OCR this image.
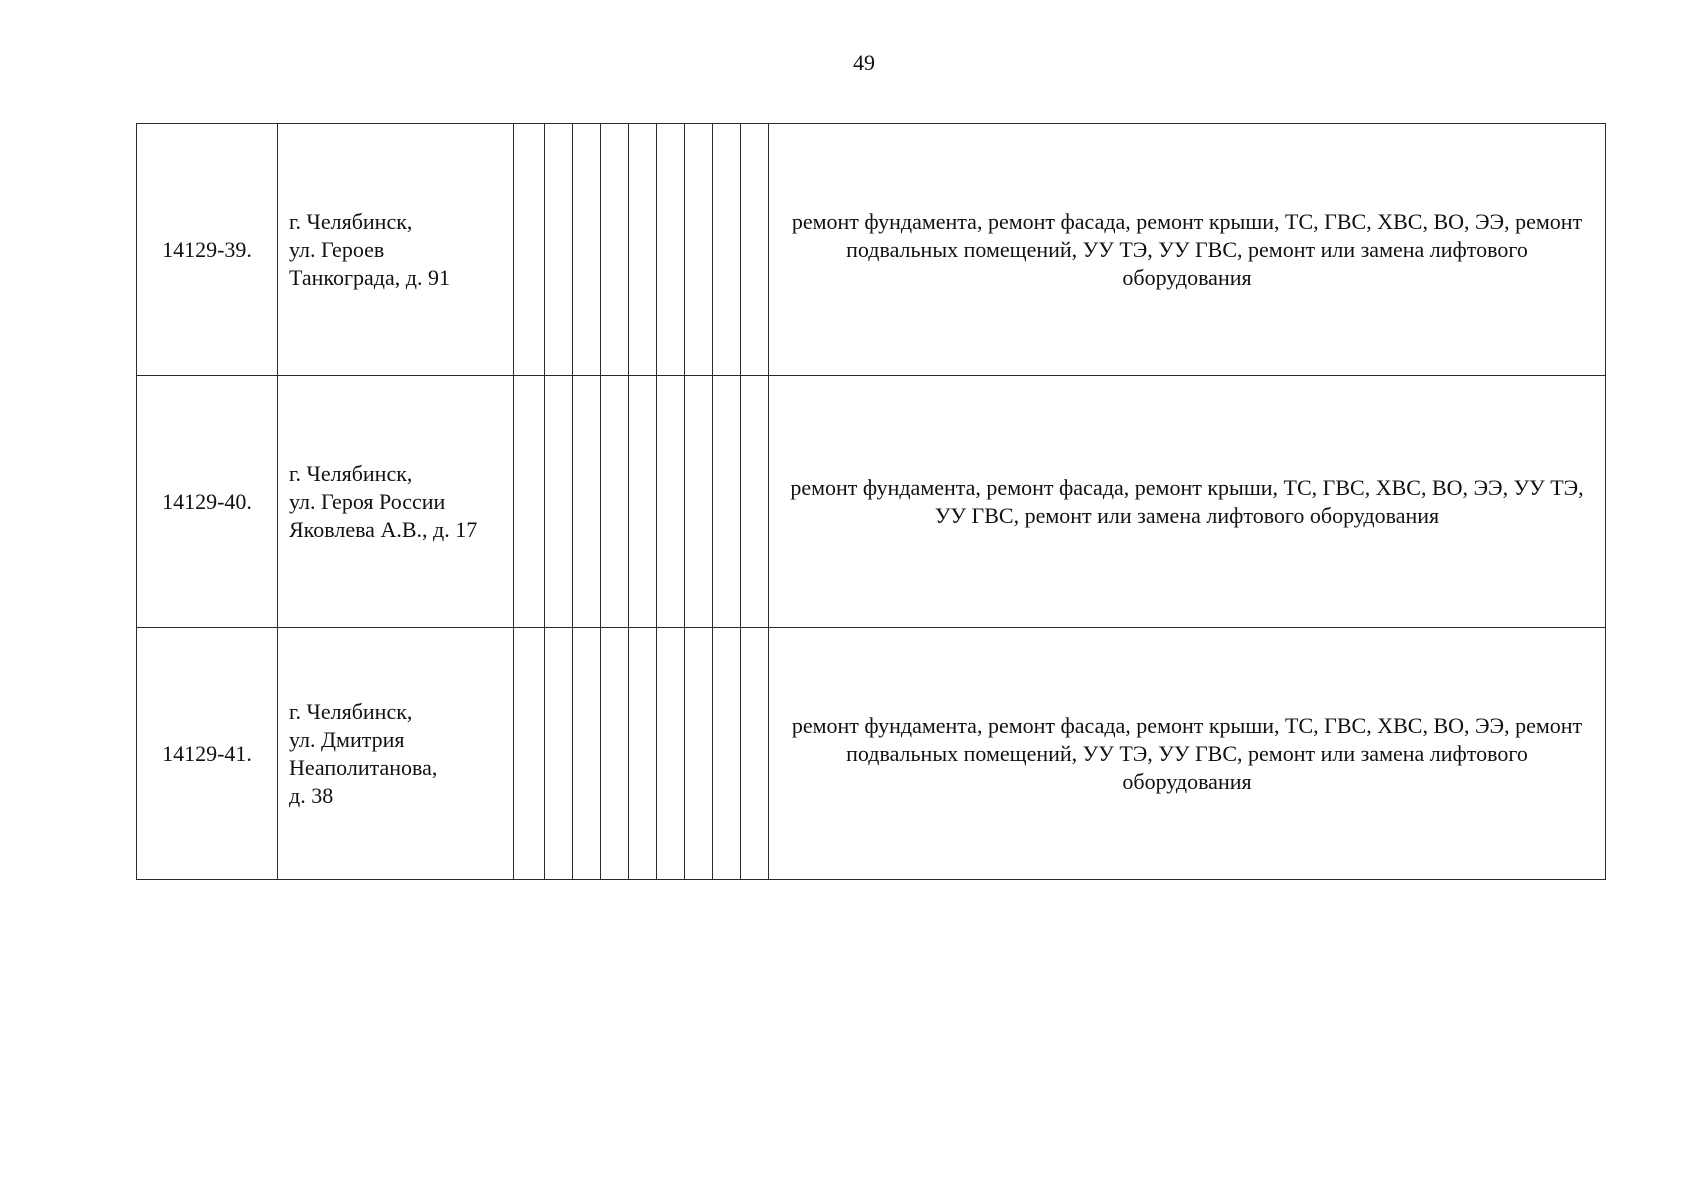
49
14129-39.	г. Челябинск,
ул. Героев
Танкограда, д. 91										ремонт фундамента, ремонт фасада, ремонт крыши, ТС, ГВС, ХВС, ВО, ЭЭ, ремонт подвальных помещений, УУ ТЭ, УУ ГВС, ремонт или замена лифтового оборудования
14129-40.	г. Челябинск,
ул. Героя России
Яковлева А.В., д. 17										ремонт фундамента, ремонт фасада, ремонт крыши, ТС, ГВС, ХВС, ВО, ЭЭ, УУ ТЭ, УУ ГВС, ремонт или замена лифтового оборудования
14129-41.	г. Челябинск,
ул. Дмитрия
Неаполитанова,
д. 38										ремонт фундамента, ремонт фасада, ремонт крыши, ТС, ГВС, ХВС, ВО, ЭЭ, ремонт подвальных помещений, УУ ТЭ, УУ ГВС, ремонт или замена лифтового оборудования
